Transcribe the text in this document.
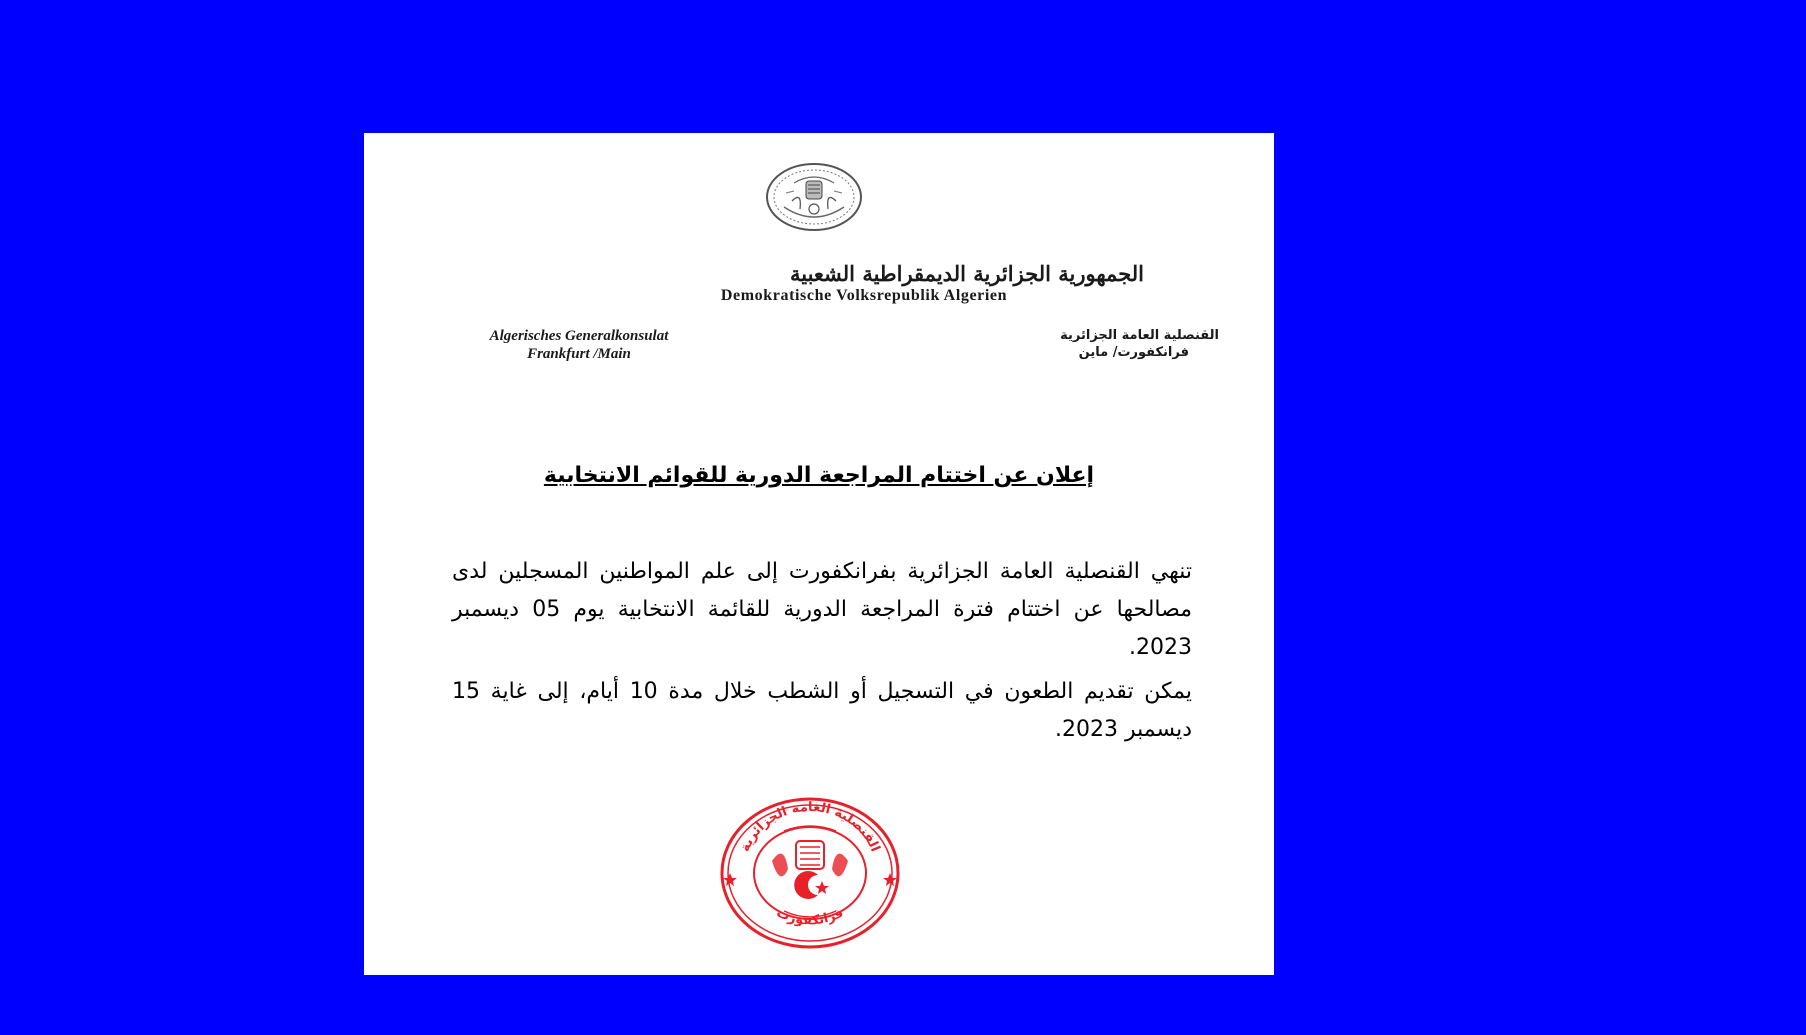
الجمهورية الجزائرية الديمقراطية الشعبية
Demokratische Volksrepublik Algerien
Algerisches Generalkonsulat
Frankfurt /Main
القنصلية العامة الجزائرية
فرانكفورت/ ماين
إعلان عن اختتام المراجعة الدورية للقوائم الانتخابية

تنهي القنصلية العامة الجزائرية بفرانكفورت إلى علم المواطنين المسجلين لدى مصالحها عن اختتام فترة المراجعة الدورية للقائمة الانتخابية يوم 05 ديسمبر 2023.

يمكن تقديم الطعون في التسجيل أو الشطب خلال مدة 10 أيام، إلى غاية 15 ديسمبر 2023.

القنصلية العامة الجزائرية
فرانكفورت
